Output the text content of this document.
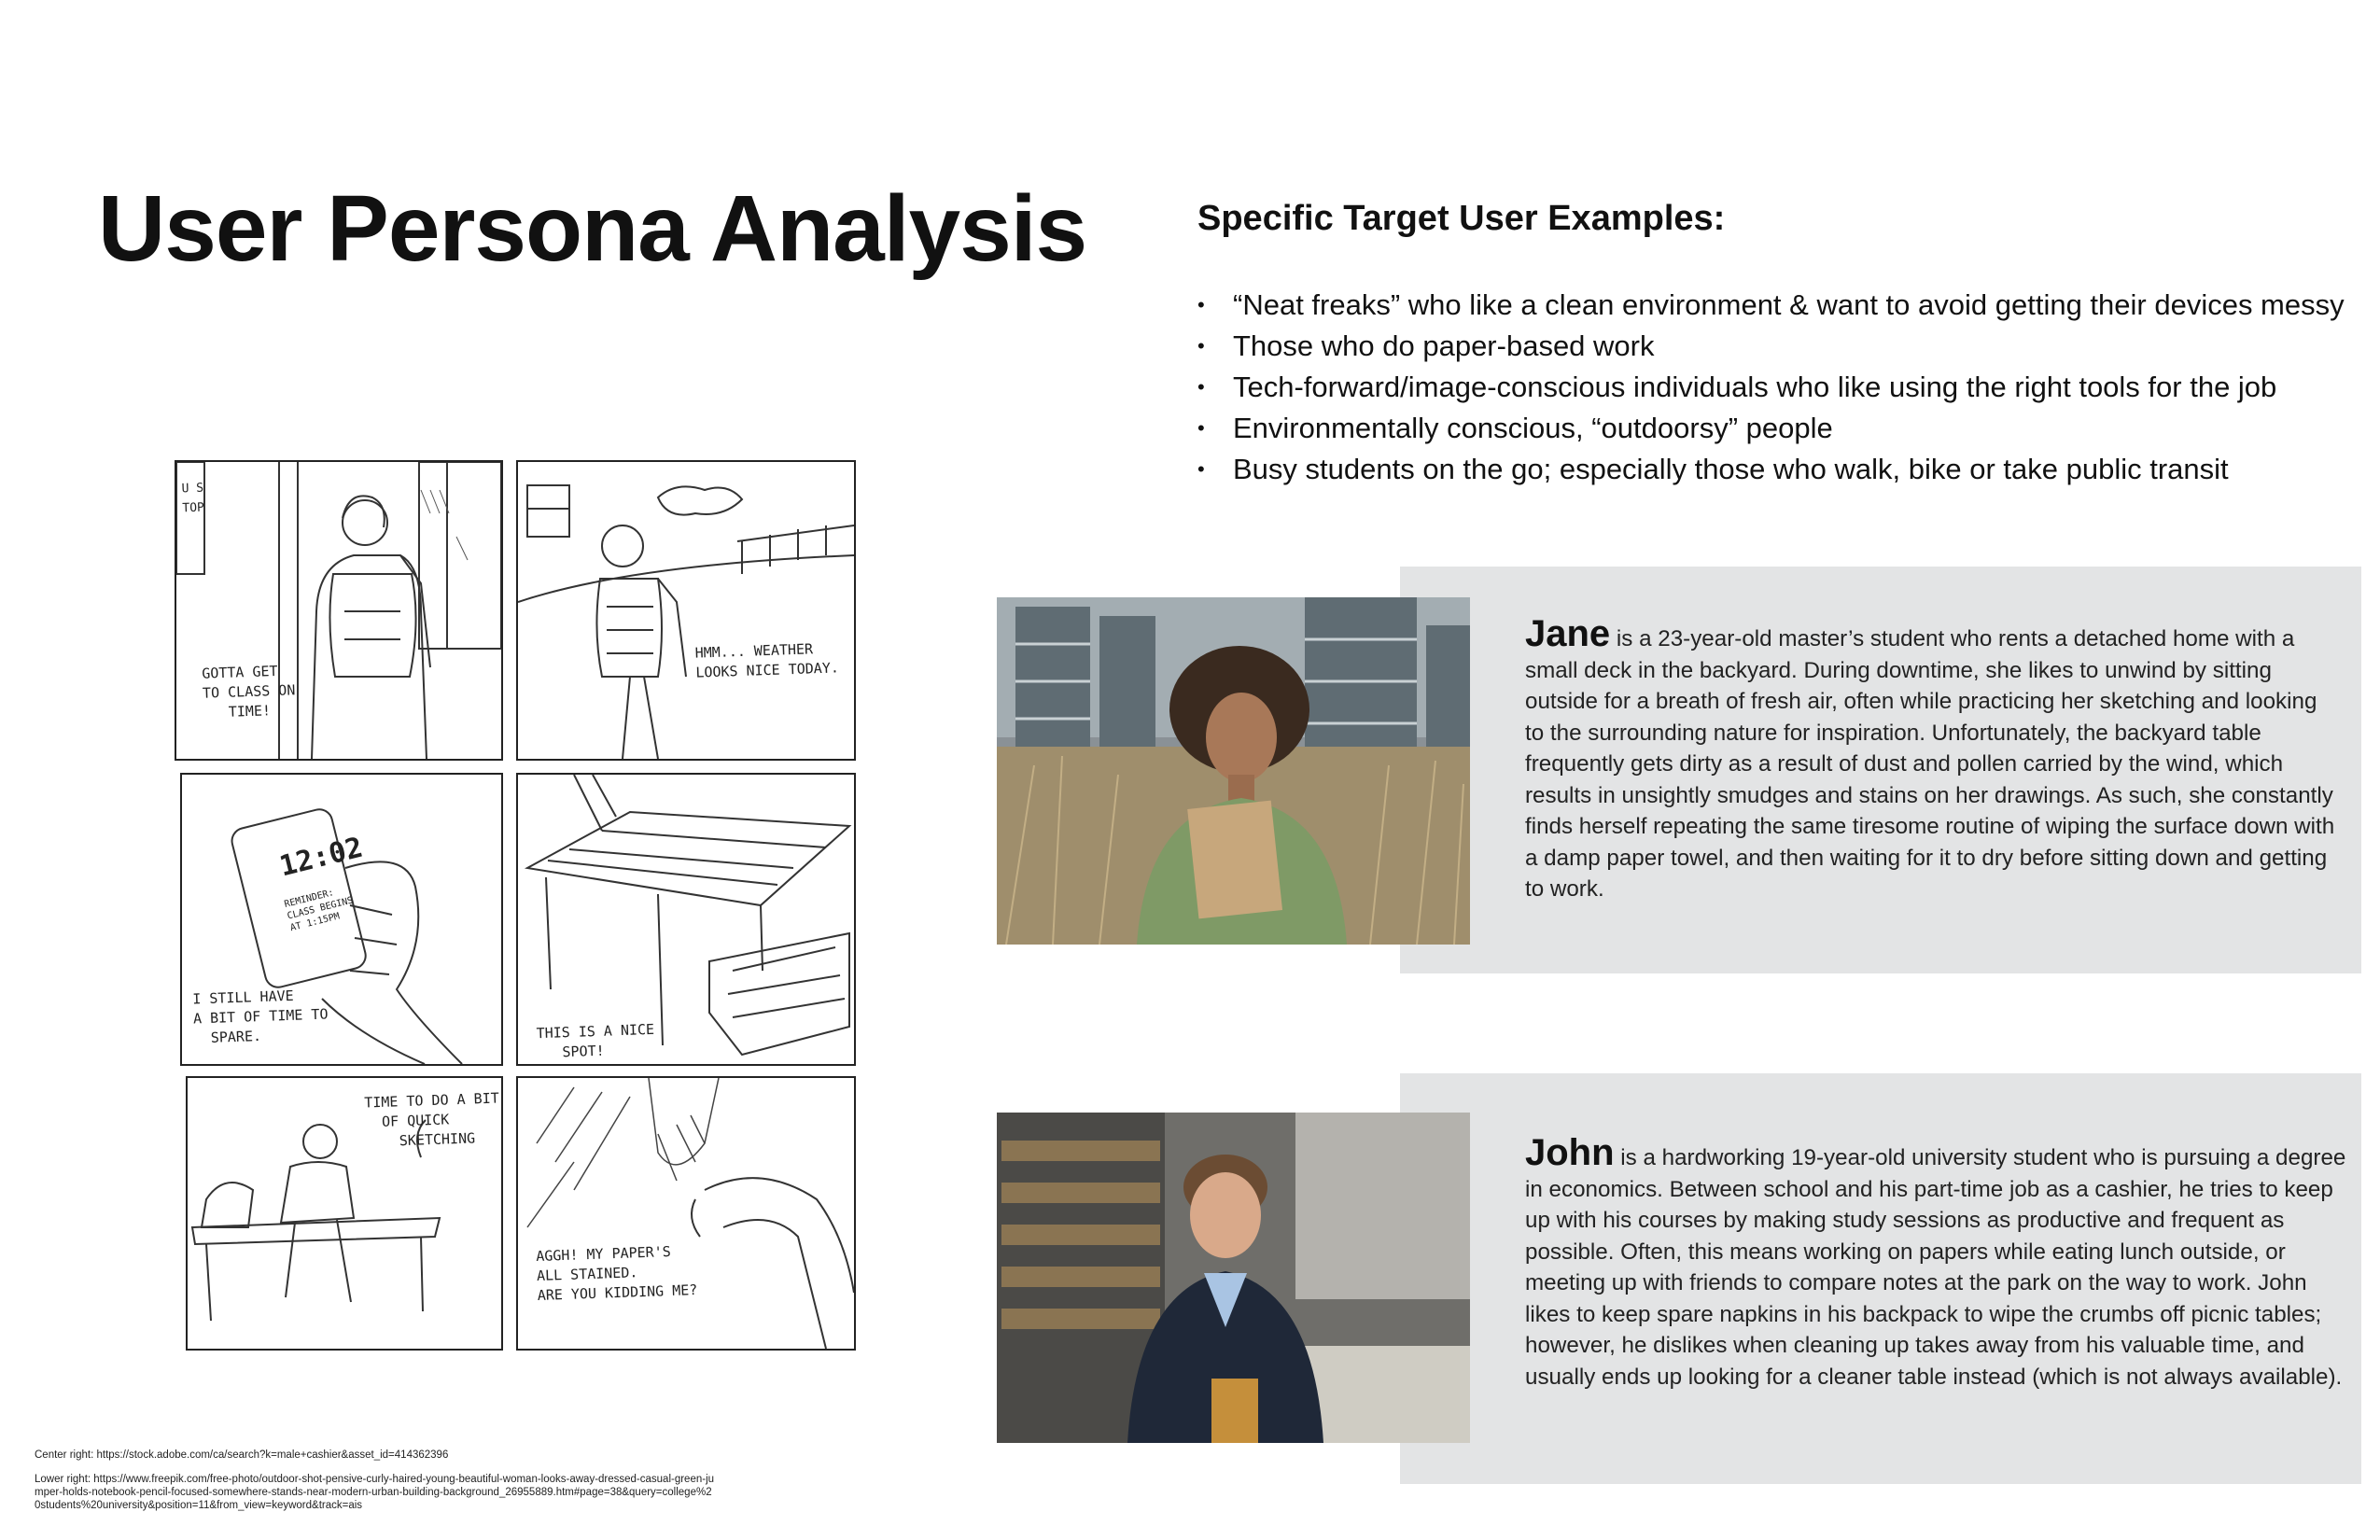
User Persona Analysis	Specific Target User Examples:
• “Neat freaks” who like a clean environment & want to avoid getting their devices messy
• Those who do paper-based work
• Tech-forward/image-conscious individuals who like using the right tools for the job
• Environmentally conscious, “outdoorsy” people
• Busy students on the go; especially those who walk, bike or take public transit
U S
TOP
GOTTA GET
TO CLASS ON
TIME!
HMM... WEATHER
LOOKS NICE TODAY.
12:02
REMINDER:
CLASS BEGINS
AT 1:15PM
I STILL HAVE
A BIT OF TIME TO
SPARE.	THIS IS A NICE
SPOT!
TIME TO DO A BIT
OF QUICK
SKETCHING
AGGH! MY PAPER'S
ALL STAINED.
ARE YOU KIDDING ME?

Jane is a 23-year-old master’s student who rents a detached home with a small deck in the backyard. During downtime, she likes to unwind by sitting outside for a breath of fresh air, often while practicing her sketching and looking to the surrounding nature for inspiration. Unfortunately, the backyard table frequently gets dirty as a result of dust and pollen carried by the wind, which results in unsightly smudges and stains on her drawings. As such, she constantly finds herself repeating the same tiresome routine of wiping the surface down with a damp paper towel, and then waiting for it to dry before sitting down and getting to work.

John is a hardworking 19-year-old university student who is pursuing a degree in economics. Between school and his part-time job as a cashier, he tries to keep up with his courses by making study sessions as productive and frequent as possible. Often, this means working on papers while eating lunch outside, or meeting up with friends to compare notes at the park on the way to work. John likes to keep spare napkins in his backpack to wipe the crumbs off picnic tables; however, he dislikes when cleaning up takes away from his valuable time, and usually ends up looking for a cleaner table instead (which is not always available).

Center right: https://stock.adobe.com/ca/search?k=male+cashier&asset_id=414362396
Lower right: https://www.freepik.com/free-photo/outdoor-shot-pensive-curly-haired-young-beautiful-woman-looks-away-dressed-casual-green-jumper-holds-notebook-pencil-focused-somewhere-stands-near-modern-urban-building-background_26955889.htm#page=38&query=college%20students%20university&position=11&from_view=keyword&track=ais
